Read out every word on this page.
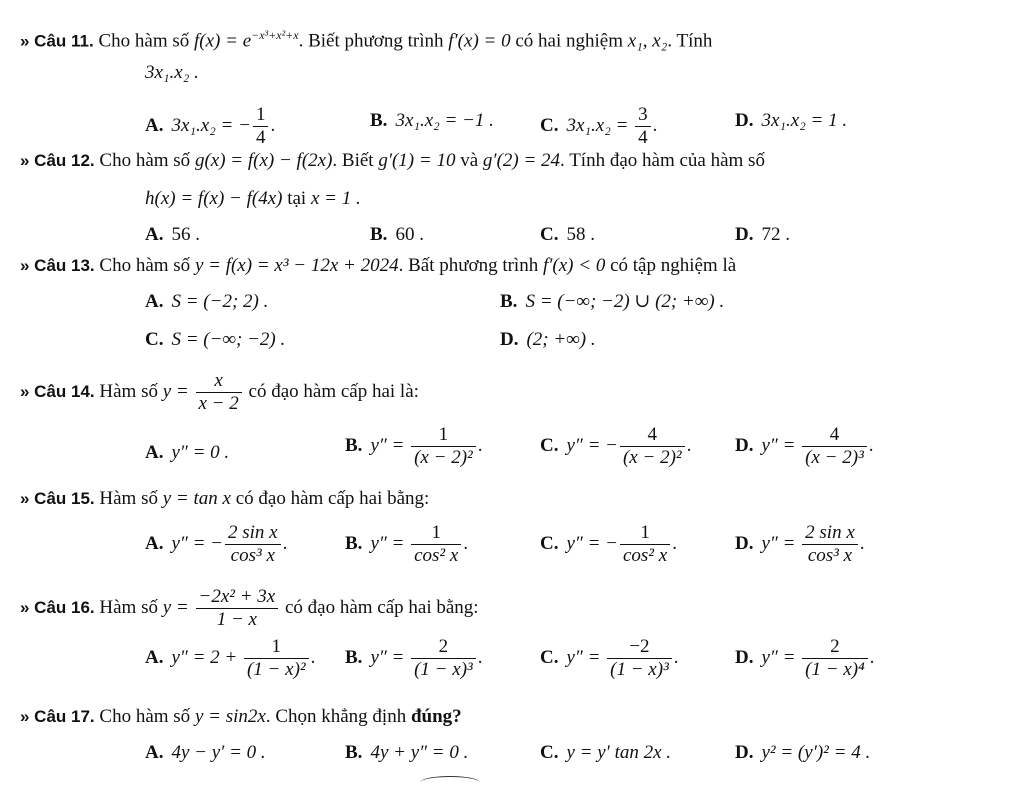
» Câu 11. Cho hàm số $f(x) = e^{-x^3+x^2+x}$. Biết phương trình f′(x) = 0 có hai nghiệm x₁, x₂. Tính
3x₁.x₂ .
A. 3x₁.x₂ = − $\frac{1}{4}$ .	B. 3x₁.x₂ = −1 . C. $3x_1.x_2 = \frac{3}{4}$ .	D. 3x₁.x₂ = 1 .
» Câu 12. Cho hàm số g(x) = f(x) − f(2x). Biết g′(1) = 10 và g′(2) = 24. Tính đạo hàm của hàm số
h(x) = f(x) − f(4x) tại x = 1 .
A. 56 .	B. 60 .	C. 58 .	D. 72 .
» Câu 13. Cho hàm số y = f(x) = x³ − 12x + 2024. Bất phương trình f′(x) < 0 có tập nghiệm là
A. S = (−2; 2) .	B. S = (−∞; −2) ∪ (2; +∞) .
C. S = (−∞; −2) .	D. (2; +∞) .
» Câu 14. Hàm số $y = \frac{x}{x - 2}$ có đạo hàm cấp hai là:
A. y″ = 0 .	B. $y'' = \frac{1}{\text{(x − 2)²}}$ .	C. y″ = − $\frac{4}{\text{(x − 2)²}}$ . D. $y'' = \frac{4}{\text{(x − 2)³}}$ .
» Câu 15. Hàm số y = tan x có đạo hàm cấp hai bằng:
A. y″ = − $\frac{\text{2 sin x}}{\text{cos³ x}}$ .	B. $y'' = \frac{1}{\text{cos² x}}$ .	C. y″ = − $\frac{1}{\text{cos² x}}$ .	D. $y'' = \frac{\text{2 sin x}}{\text{cos³ x}}$ .
» Câu 16. Hàm số $y = \frac{\text{−2x² + 3x}}{1 - x}$ có đạo hàm cấp hai bằng:
A. $y'' = 2 + \frac{1}{\text{(1 − x)²}}$ . B. $y'' = \frac{2}{\text{(1 − x)³}}$ .	C. $y'' = \frac{-2}{\text{(1 − x)³}}$ .	D. $y'' = \frac{2}{\text{(1 − x)⁴}}$ .
» Câu 17. Cho hàm số y = sin2x. Chọn khẳng định đúng?
A. 4y − y′ = 0 .	B. 4y + y″ = 0 .	C. y = y′ tan 2x .	D. y² = (y′)² = 4 .
